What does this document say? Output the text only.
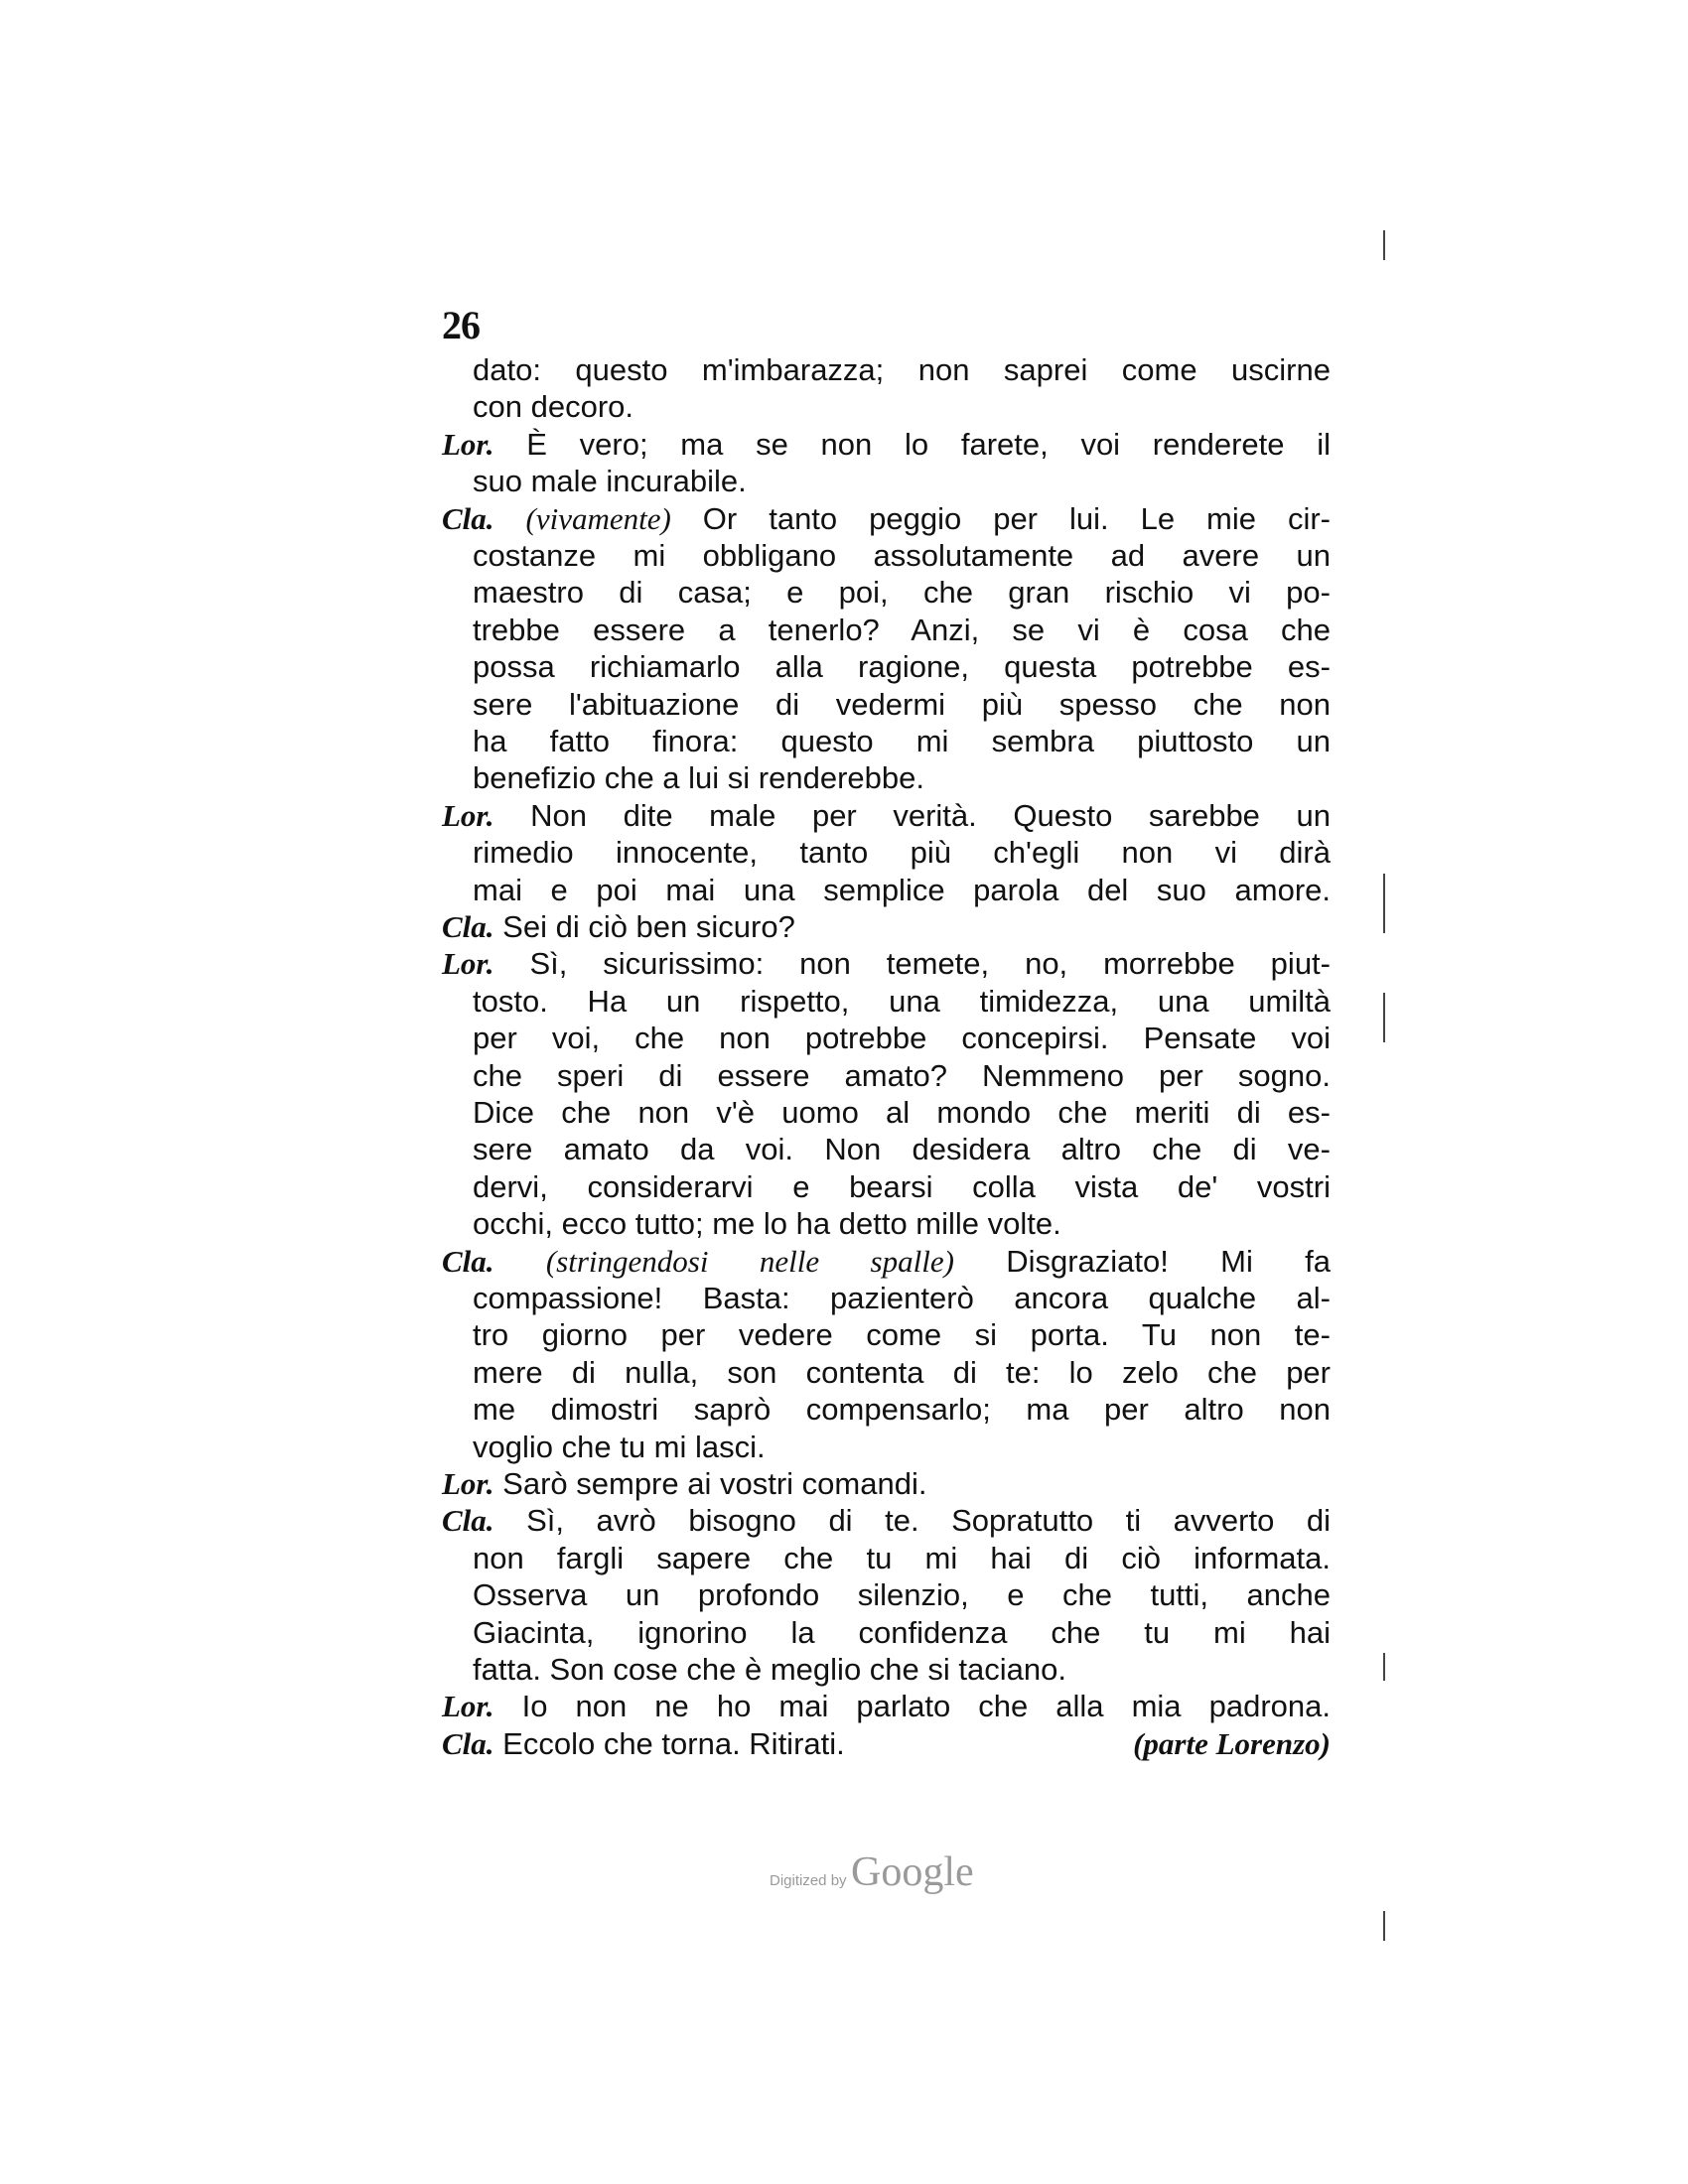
26
dato: questo m'imbarazza; non saprei come uscirne
con decoro.
Lor. È vero; ma se non lo farete, voi renderete il
suo male incurabile.
Cla. (vivamente) Or tanto peggio per lui. Le mie cir-
costanze mi obbligano assolutamente ad avere un
maestro di casa; e poi, che gran rischio vi po-
trebbe essere a tenerlo? Anzi, se vi è cosa che
possa richiamarlo alla ragione, questa potrebbe es-
sere l'abituazione di vedermi più spesso che non
ha fatto finora: questo mi sembra piuttosto un
benefizio che a lui si renderebbe.
Lor. Non dite male per verità. Questo sarebbe un
rimedio innocente, tanto più ch'egli non vi dirà
mai e poi mai una semplice parola del suo amore.
Cla. Sei di ciò ben sicuro?
Lor. Sì, sicurissimo: non temete, no, morrebbe piut-
tosto. Ha un rispetto, una timidezza, una umiltà
per voi, che non potrebbe concepirsi. Pensate voi
che speri di essere amato? Nemmeno per sogno.
Dice che non v'è uomo al mondo che meriti di es-
sere amato da voi. Non desidera altro che di ve-
dervi, considerarvi e bearsi colla vista de' vostri
occhi, ecco tutto; me lo ha detto mille volte.
Cla. (stringendosi nelle spalle) Disgraziato! Mi fa
compassione! Basta: pazienterò ancora qualche al-
tro giorno per vedere come si porta. Tu non te-
mere di nulla, son contenta di te: lo zelo che per
me dimostri saprò compensarlo; ma per altro non
voglio che tu mi lasci.
Lor. Sarò sempre ai vostri comandi.
Cla. Sì, avrò bisogno di te. Sopratutto ti avverto di
non fargli sapere che tu mi hai di ciò informata.
Osserva un profondo silenzio, e che tutti, anche
Giacinta, ignorino la confidenza che tu mi hai
fatta. Son cose che è meglio che si taciano.
Lor. Io non ne ho mai parlato che alla mia padrona.
Cla. Eccolo che torna. Ritirati.	(parte Lorenzo)
Digitized by Google
